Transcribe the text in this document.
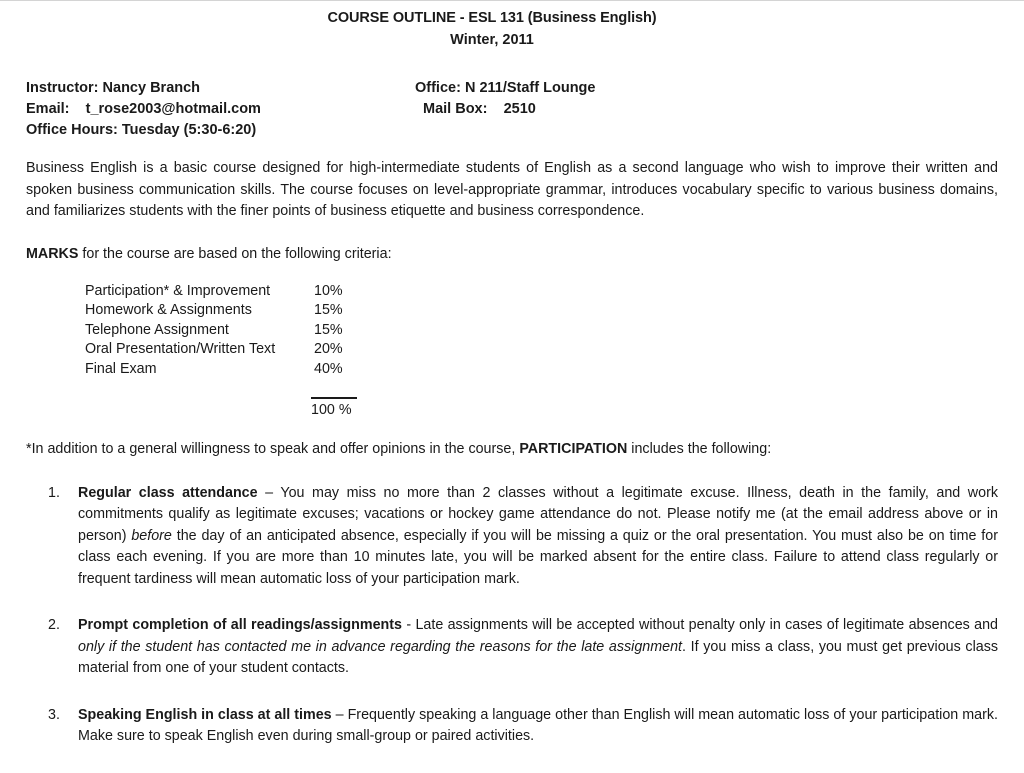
COURSE OUTLINE - ESL 131 (Business English)
Winter, 2011
Instructor: Nancy Branch
Email:    t_rose2003@hotmail.com
Office Hours: Tuesday (5:30-6:20)
Office: N 211/Staff Lounge
Mail Box:    2510
Business English is a basic course designed for high-intermediate students of English as a second language who wish to improve their written and spoken business communication skills. The course focuses on level-appropriate grammar, introduces vocabulary specific to various business domains, and familiarizes students with the finer points of business etiquette and business correspondence.
MARKS for the course are based on the following criteria:
Participation* & Improvement	10%
Homework & Assignments	15%
Telephone Assignment	15%
Oral Presentation/Written Text	20%
Final Exam	40%
100 %
*In addition to a general willingness to speak and offer opinions in the course, PARTICIPATION includes the following:
1. Regular class attendance – You may miss no more than 2 classes without a legitimate excuse. Illness, death in the family, and work commitments qualify as legitimate excuses; vacations or hockey game attendance do not. Please notify me (at the email address above or in person) before the day of an anticipated absence, especially if you will be missing a quiz or the oral presentation. You must also be on time for class each evening. If you are more than 10 minutes late, you will be marked absent for the entire class. Failure to attend class regularly or frequent tardiness will mean automatic loss of your participation mark.
2. Prompt completion of all readings/assignments - Late assignments will be accepted without penalty only in cases of legitimate absences and only if the student has contacted me in advance regarding the reasons for the late assignment. If you miss a class, you must get previous class material from one of your student contacts.
3. Speaking English in class at all times – Frequently speaking a language other than English will mean automatic loss of your participation mark. Make sure to speak English even during small-group or paired activities.
